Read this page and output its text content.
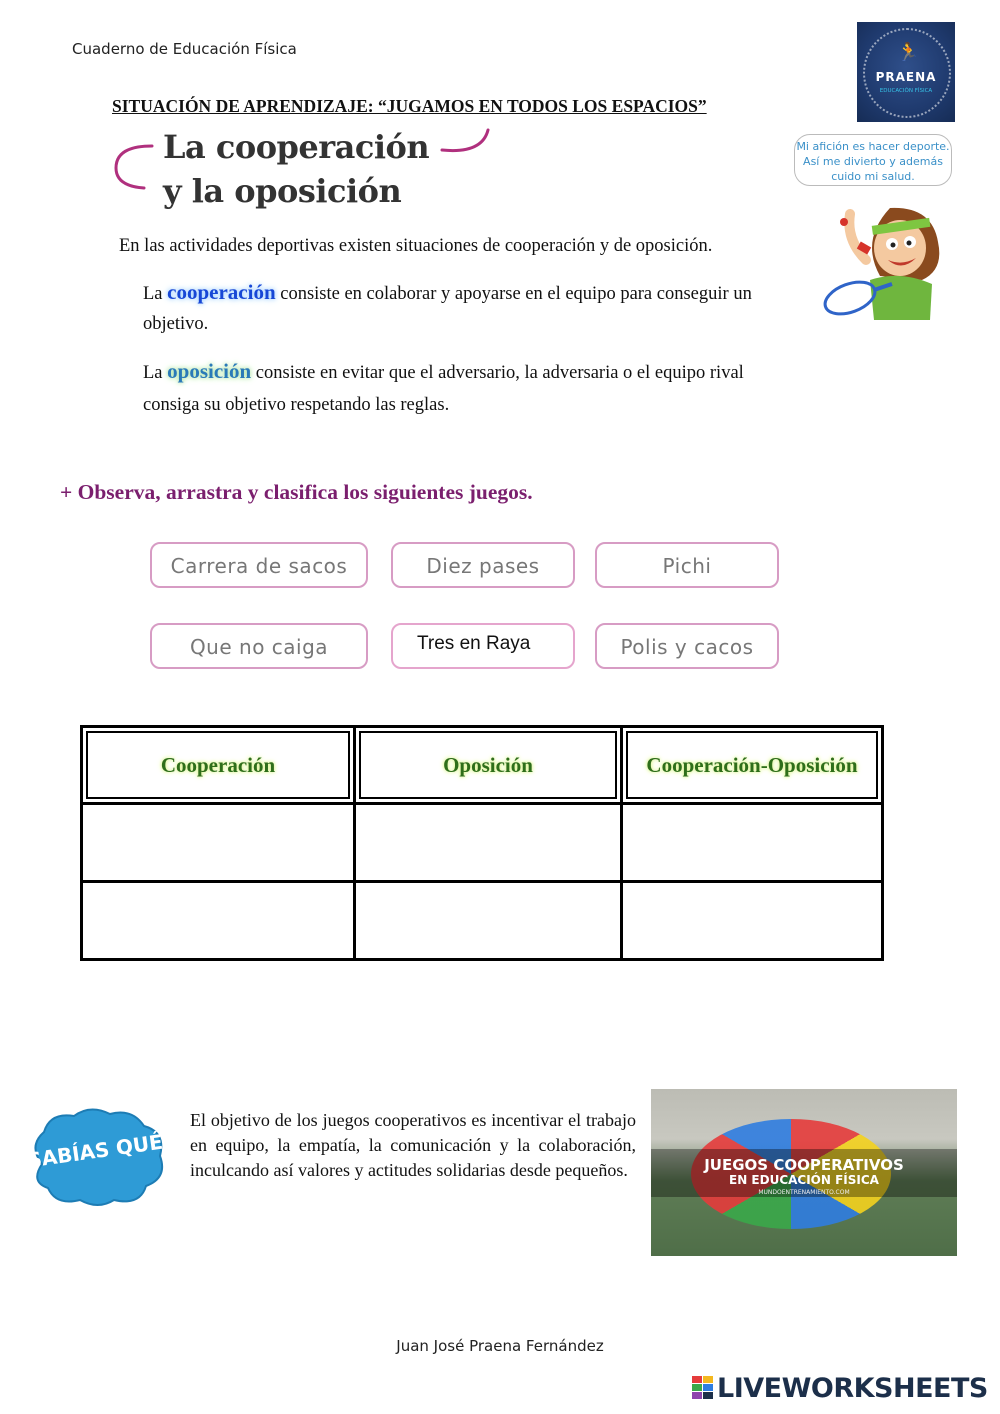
Cuaderno de Educación Física	🏃
PRAENA
EDUCACIÓN FÍSICA
SITUACIÓN DE APRENDIZAJE: “JUGAMOS EN TODOS LOS ESPACIOS”
La cooperación
y la oposición
Mi afición es hacer deporte.
Así me divierto y además
cuido mi salud.
En las actividades deportivas existen situaciones de cooperación y de oposición.
La cooperación consiste en colaborar y apoyarse en el equipo para conseguir un
objetivo.
La oposición consiste en evitar que el adversario, la adversaria o el equipo rival
consiga su objetivo respetando las reglas.
+ Observa, arrastra y clasifica los siguientes juegos.
Carrera de sacos	Diez pases	Pichi
Que no caiga	Tres en Raya	Polis y cacos
Cooperación	Oposición	Cooperación-Oposición

¿SABÍAS QUÉ?
El objetivo de los juegos cooperativos es incentivar el trabajo en equipo, la empatía, la comunicación y la colaboración, inculcando así valores y actitudes solidarias desde pequeños.	JUEGOS COOPERATIVOS
EN EDUCACIÓN FÍSICA
MUNDOENTRENAMIENTO.COM
Juan José Praena Fernández
LIVEWORKSHEETS
